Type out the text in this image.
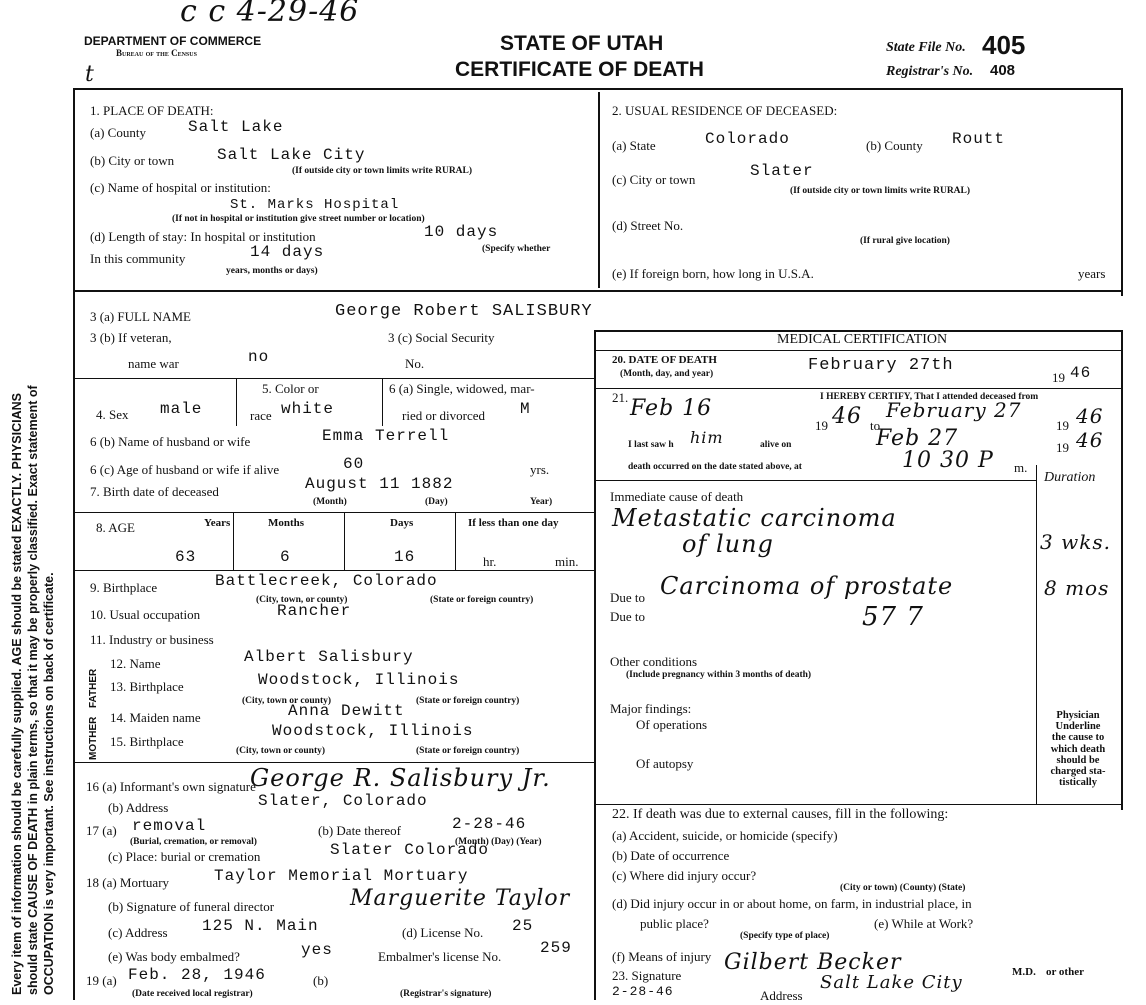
c c 4-29-46
t
DEPARTMENT OF COMMERCE
Bureau of the Census	STATE OF UTAH
CERTIFICATE OF DEATH
State File No. 405
Registrar's No. 408
Every item of information should be carefully supplied. AGE should be stated EXACTLY. PHYSICIANS should state CAUSE OF DEATH in plain terms, so that it may be properly classified. Exact statement of OCCUPATION is very important. See instructions on back of certificate.
1. PLACE OF DEATH:
(a) County	Salt Lake
(b) City or town	Salt Lake City
(If outside city or town limits write RURAL)
(c) Name of hospital or institution:
St. Marks Hospital
(If not in hospital or institution give street number or location)
(d) Length of stay: In hospital or institution	10 days
In this community	14 days	(Specify whether
years, months or days)
2. USUAL RESIDENCE OF DECEASED:
(a) State	Colorado	(b) County Routt
(c) City or town	Slater
(If outside city or town limits write RURAL)
(d) Street No.
(If rural give location)
(e) If foreign born, how long in U.S.A.	years
3 (a) FULL NAME	George Robert SALISBURY
3 (b) If veteran,
name war	no
3 (c) Social Security
No.
4. Sex male
5. Color or
race white
6 (a) Single, widowed, mar-
ried or divorced M
6 (b) Name of husband or wife	Emma Terrell
6 (c) Age of husband or wife if alive	60	yrs.
7. Birth date of deceased	August 11 1882
(Month)	(Day)	Year)
8. AGE	Years	Months	Days	If less than one day
63	6	16	hr.	min.
9. Birthplace	Battlecreek, Colorado
(City, town, or county)	(State or foreign country)
10. Usual occupation	Rancher
11. Industry or business
FATHER
MOTHER
12. Name	Albert Salisbury
13. Birthplace	Woodstock, Illinois
(City, town or county)	(State or foreign country)
14. Maiden name	Anna Dewitt
15. Birthplace
Woodstock, Illinois
(City, town or county)	(State or foreign country)
16 (a) Informant's own signature
George R. Salisbury Jr.
(b) Address	Slater, Colorado
17 (a) removal
(Burial, cremation, or removal)
(b) Date thereof	2-28-46
(Month) (Day) (Year)
(c) Place: burial or cremation	Slater Colorado
18 (a) Mortuary	Taylor Memorial Mortuary
(b) Signature of funeral director	Marguerite Taylor
(c) Address 125 N. Main	(d) License No. 25
(e) Was body embalmed?	yes	Embalmer's license No. 259
19 (a) Feb. 28, 1946	(b)
(Date received local registrar)	(Registrar's signature)
MEDICAL CERTIFICATION
20. DATE OF DEATH
(Month, day, and year)	February 27th
19 46
21.	I HEREBY CERTIFY, That I attended deceased from
Feb 16
19 46 to
February 27
19 46
I last saw h him	alive on	Feb 27	19 46
death occurred on the date stated above, at	10 30 P m.
Duration
Immediate cause of death
Metastatic carcinoma
of lung	3 wks.
Due to Carcinoma of prostate	8 mos
Due to	57 7
Other conditions
(Include pregnancy within 3 months of death)
Major findings:
Of operations
Of autopsy
Physician
Underline
the cause to
which death
should be
charged sta-
tistically
22. If death was due to external causes, fill in the following:
(a) Accident, suicide, or homicide (specify)
(b) Date of occurrence
(c) Where did injury occur?
(City or town) (County) (State)
(d) Did injury occur in or about home, on farm, in industrial place, in
public place?
(Specify type of place)
(e) While at Work?
(f) Means of injury
23. Signature
Gilbert Becker	M.D. or other
2-28-46	Address
Salt Lake City
